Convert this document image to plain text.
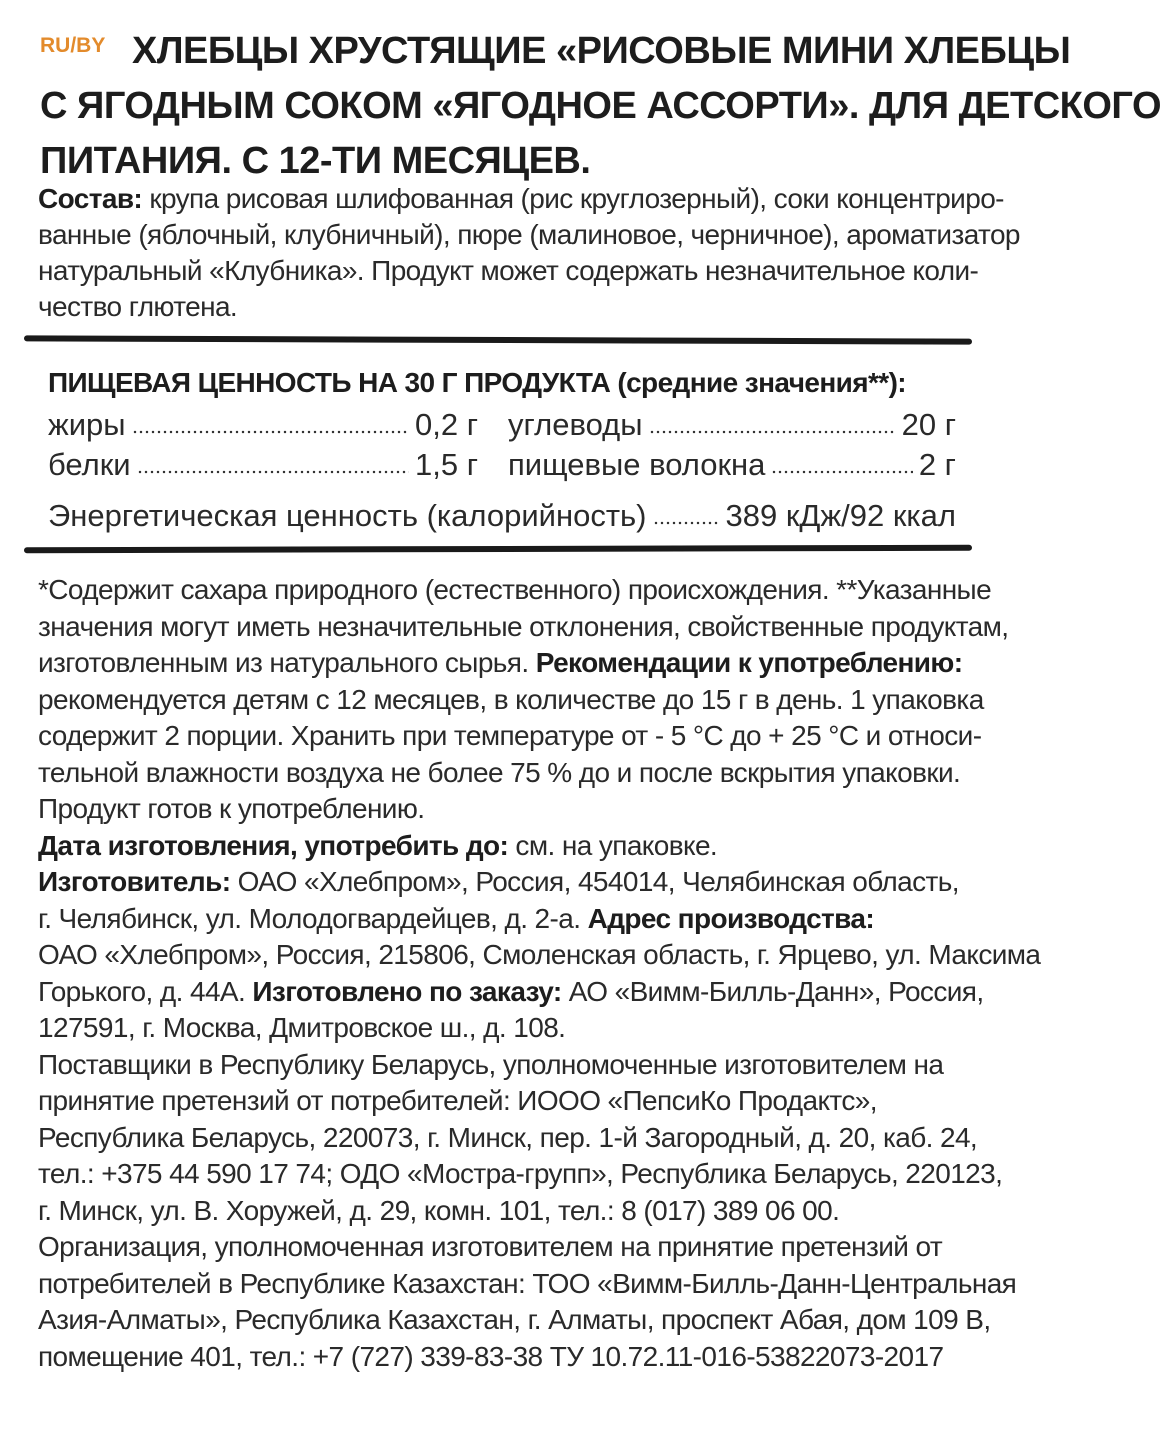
RU/BY ХЛЕБЦЫ ХРУСТЯЩИЕ «РИСОВЫЕ МИНИ ХЛЕБЦЫ
С ЯГОДНЫМ СОКОМ «ЯГОДНОЕ АССОРТИ». ДЛЯ ДЕТСКОГО
ПИТАНИЯ. С 12-ТИ МЕСЯЦЕВ.
Состав: крупа рисовая шлифованная (рис круглозерный), соки концентриро-
ванные (яблочный, клубничный), пюре (малиновое, черничное), ароматизатор
натуральный «Клубника». Продукт может содержать незначительное коли-
чество глютена.
ПИЩЕВАЯ ЦЕННОСТЬ НА 30 Г ПРОДУКТА (средние значения**):
жиры	0,2 г углеводы	20 г
белки	1,5 г пищевые волокна	2 г
Энергетическая ценность (калорийность)	389 кДж/92 ккал
*Содержит сахара природного (естественного) происхождения. **Указанные
значения могут иметь незначительные отклонения, свойственные продуктам,
изготовленным из натурального сырья. Рекомендации к употреблению:
рекомендуется детям с 12 месяцев, в количестве до 15 г в день. 1 упаковка
содержит 2 порции. Хранить при температуре от - 5 °С до + 25 °С и относи-
тельной влажности воздуха не более 75 % до и после вскрытия упаковки.
Продукт готов к употреблению.
Дата изготовления, употребить до: см. на упаковке.
Изготовитель: ОАО «Хлебпром», Россия, 454014, Челябинская область,
г. Челябинск, ул. Молодогвардейцев, д. 2-а. Адрес производства:
ОАО «Хлебпром», Россия, 215806, Смоленская область, г. Ярцево, ул. Максима
Горького, д. 44А. Изготовлено по заказу: АО «Вимм-Билль-Данн», Россия,
127591, г. Москва, Дмитровское ш., д. 108.
Поставщики в Республику Беларусь, уполномоченные изготовителем на
принятие претензий от потребителей: ИООО «ПепсиКо Продактс»,
Республика Беларусь, 220073, г. Минск, пер. 1-й Загородный, д. 20, каб. 24,
тел.: +375 44 590 17 74; ОДО «Мостра-групп», Республика Беларусь, 220123,
г. Минск, ул. В. Хоружей, д. 29, комн. 101, тел.: 8 (017) 389 06 00.
Организация, уполномоченная изготовителем на принятие претензий от
потребителей в Республике Казахстан: ТОО «Вимм-Билль-Данн-Центральная
Азия-Алматы», Республика Казахстан, г. Алматы, проспект Абая, дом 109 В,
помещение 401, тел.: +7 (727) 339-83-38 ТУ 10.72.11-016-53822073-2017
